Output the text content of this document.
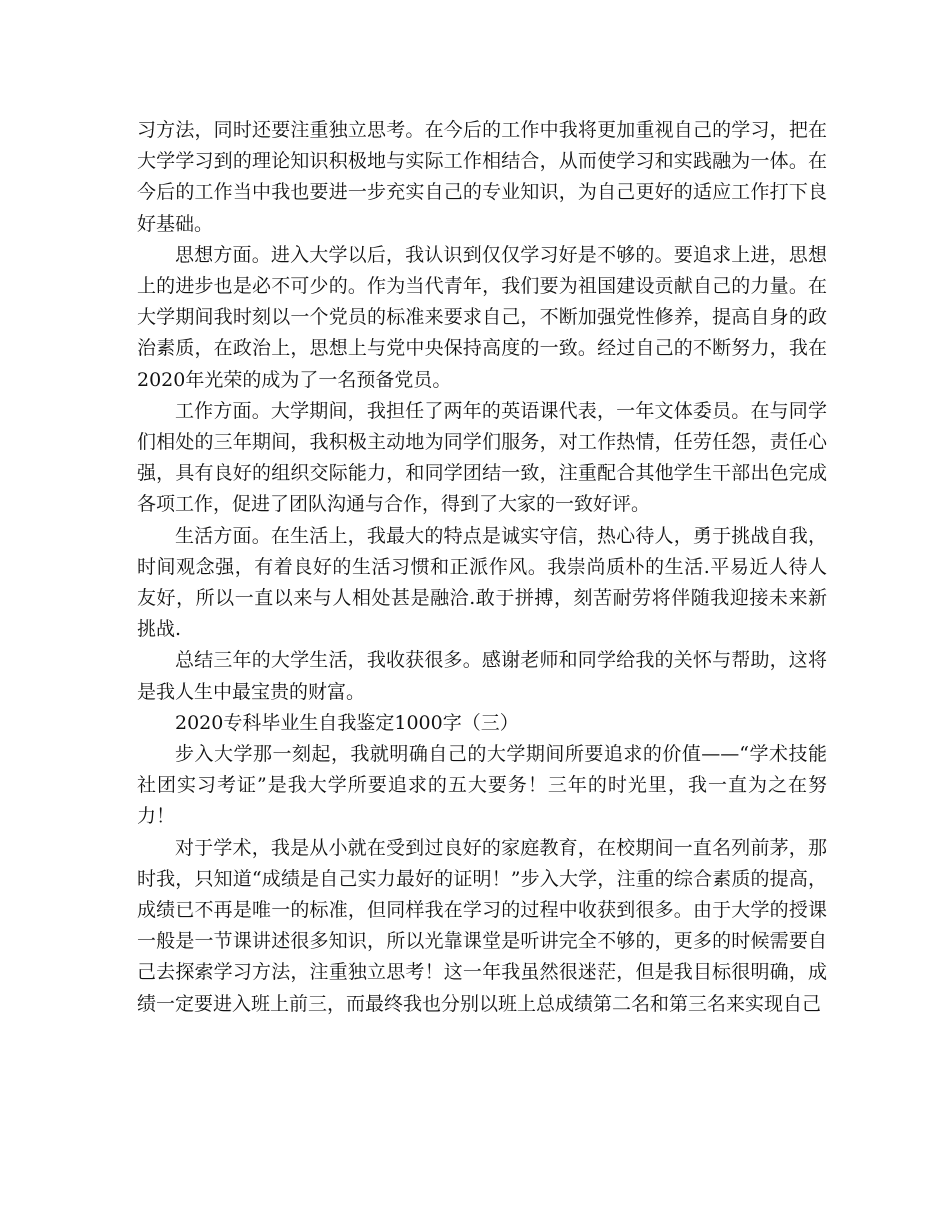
习方法，同时还要注重独立思考。在今后的工作中我将更加重视自己的学习，把在大学学习到的理论知识积极地与实际工作相结合，从而使学习和实践融为一体。在今后的工作当中我也要进一步充实自己的专业知识，为自己更好的适应工作打下良好基础。

思想方面。进入大学以后，我认识到仅仅学习好是不够的。要追求上进，思想上的进步也是必不可少的。作为当代青年，我们要为祖国建设贡献自己的力量。在大学期间我时刻以一个党员的标准来要求自己，不断加强党性修养，提高自身的政治素质，在政治上，思想上与党中央保持高度的一致。经过自己的不断努力，我在2020年光荣的成为了一名预备党员。

工作方面。大学期间，我担任了两年的英语课代表，一年文体委员。在与同学们相处的三年期间，我积极主动地为同学们服务，对工作热情，任劳任怨，责任心强，具有良好的组织交际能力，和同学团结一致，注重配合其他学生干部出色完成各项工作，促进了团队沟通与合作，得到了大家的一致好评。

生活方面。在生活上，我最大的特点是诚实守信，热心待人，勇于挑战自我，时间观念强，有着良好的生活习惯和正派作风。我崇尚质朴的生活.平易近人待人友好，所以一直以来与人相处甚是融洽.敢于拼搏，刻苦耐劳将伴随我迎接未来新挑战.

总结三年的大学生活，我收获很多。感谢老师和同学给我的关怀与帮助，这将是我人生中最宝贵的财富。

2020专科毕业生自我鉴定1000字（三）

步入大学那一刻起，我就明确自己的大学期间所要追求的价值——“学术技能社团实习考证”是我大学所要追求的五大要务！三年的时光里，我一直为之在努力！

对于学术，我是从小就在受到过良好的家庭教育，在校期间一直名列前茅，那时我，只知道“成绩是自己实力最好的证明！”步入大学，注重的综合素质的提高，成绩已不再是唯一的标准，但同样我在学习的过程中收获到很多。由于大学的授课一般是一节课讲述很多知识，所以光靠课堂是听讲完全不够的，更多的时候需要自己去探索学习方法，注重独立思考！这一年我虽然很迷茫，但是我目标很明确，成绩一定要进入班上前三，而最终我也分别以班上总成绩第二名和第三名来实现自己
